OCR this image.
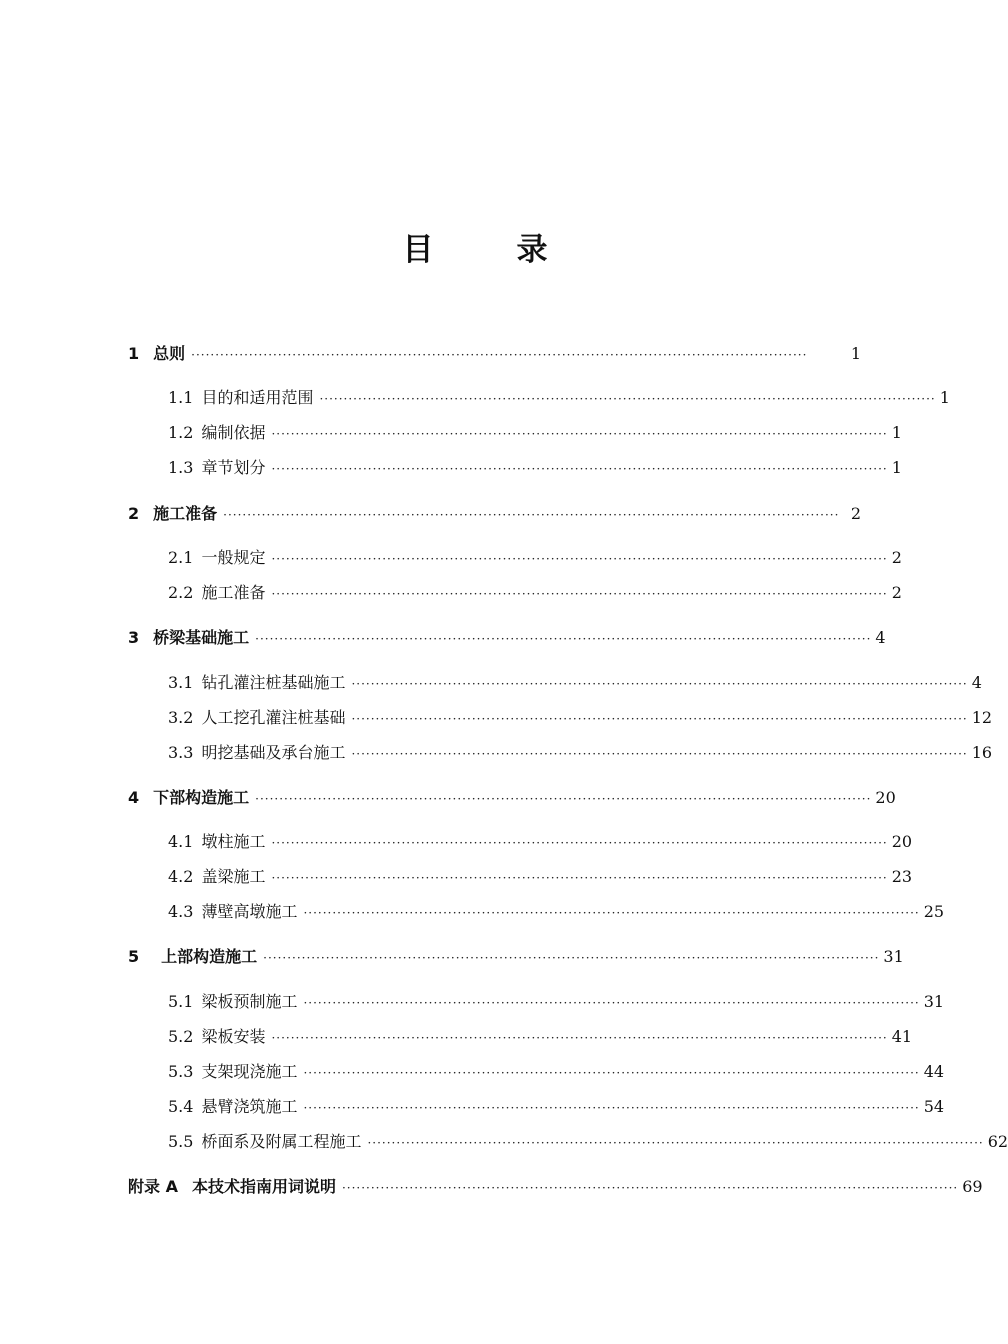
目　录
1 总则 ································································································································	1
1.1 目的和适用范围 ································································································································ 1
1.2 编制依据 ································································································································ 1
1.3 章节划分 ································································································································ 1
2 施工准备 ································································································································ 2
2.1 一般规定 ································································································································ 2
2.2 施工准备 ································································································································ 2
3 桥梁基础施工 ································································································································ 4
3.1 钻孔灌注桩基础施工 ································································································································ 4
3.2 人工挖孔灌注桩基础 ································································································································ 12
3.3 明挖基础及承台施工 ································································································································ 16
4 下部构造施工 ································································································································ 20
4.1 墩柱施工 ································································································································ 20
4.2 盖梁施工 ································································································································ 23
4.3 薄壁高墩施工 ································································································································ 25
5 上部构造施工 ································································································································ 31
5.1 梁板预制施工 ································································································································ 31
5.2 梁板安装 ································································································································ 41
5.3 支架现浇施工 ································································································································ 44
5.4 悬臂浇筑施工 ································································································································ 54
5.5 桥面系及附属工程施工 ································································································································ 62
附录 A 本技术指南用词说明 ································································································································ 69
